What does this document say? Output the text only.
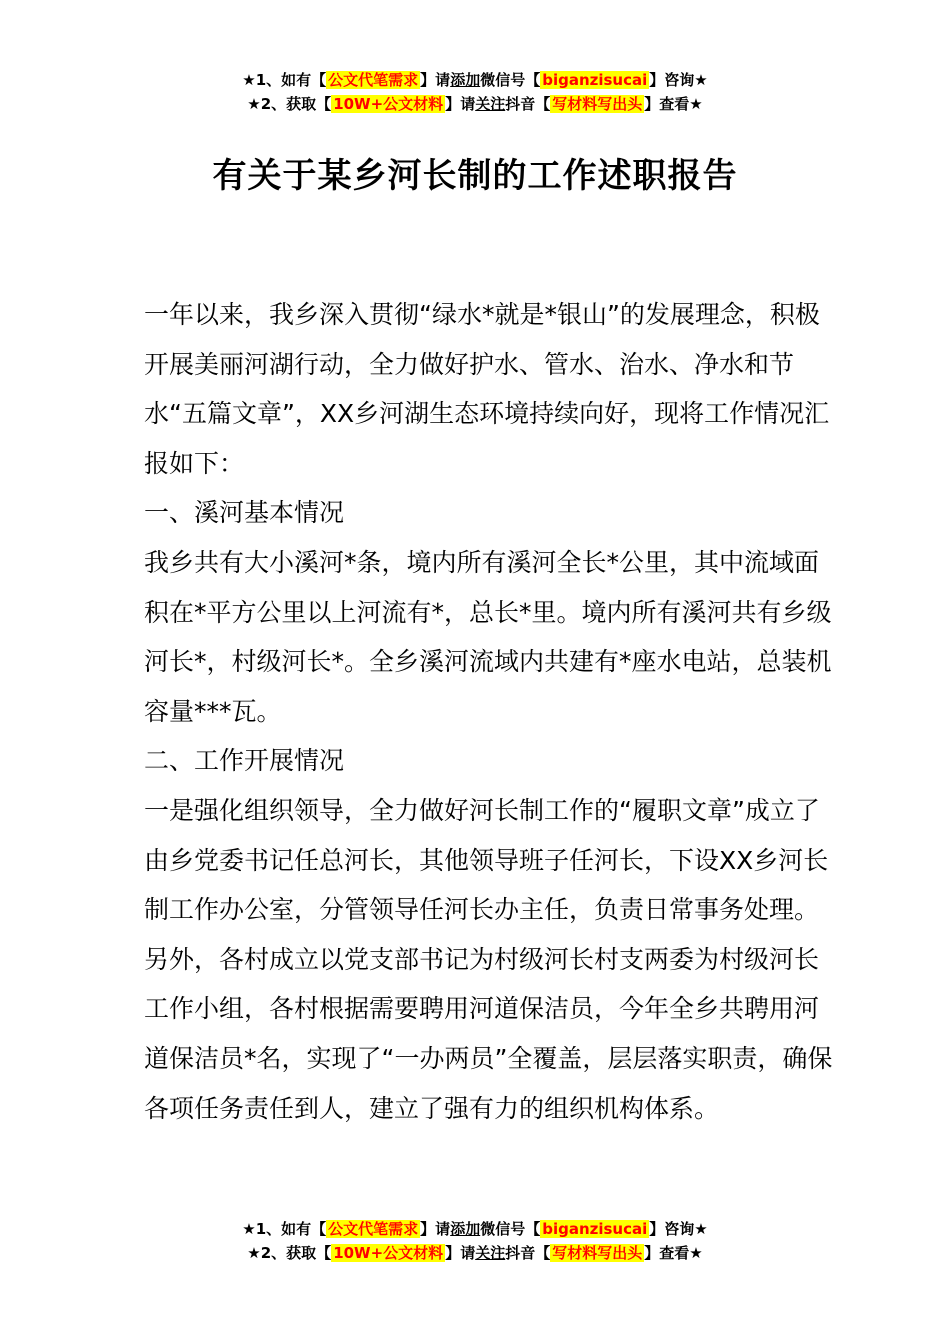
★1、如有【 公文代笔需求 】请添加微信号【 biganzisucai 】咨询★
★2、获取【 10W+公文材料 】请关注抖音【 写材料写出头 】查看★
有关于某乡河长制的工作述职报告

一年以来，我乡深入贯彻“绿水*就是*银山”的发展理念，积极开展美丽河湖行动，全力做好护水、管水、治水、净水和节水“五篇文章”，XX乡河湖生态环境持续向好，现将工作情况汇报如下：

一、溪河基本情况

我乡共有大小溪河*条，境内所有溪河全长*公里，其中流域面积在*平方公里以上河流有*，总长*里。境内所有溪河共有乡级河长*，村级河长*。全乡溪河流域内共建有*座水电站，总装机容量***瓦。

二、工作开展情况

一是强化组织领导，全力做好河长制工作的“履职文章”成立了由乡党委书记任总河长，其他领导班子任河长，下设XX乡河长制工作办公室，分管领导任河长办主任，负责日常事务处理。另外，各村成立以党支部书记为村级河长村支两委为村级河长工作小组，各村根据需要聘用河道保洁员，今年全乡共聘用河道保洁员*名，实现了“一办两员”全覆盖，层层落实职责，确保各项任务责任到人，建立了强有力的组织机构体系。

★1、如有【 公文代笔需求 】请添加微信号【 biganzisucai 】咨询★
★2、获取【 10W+公文材料 】请关注抖音【 写材料写出头 】查看★
